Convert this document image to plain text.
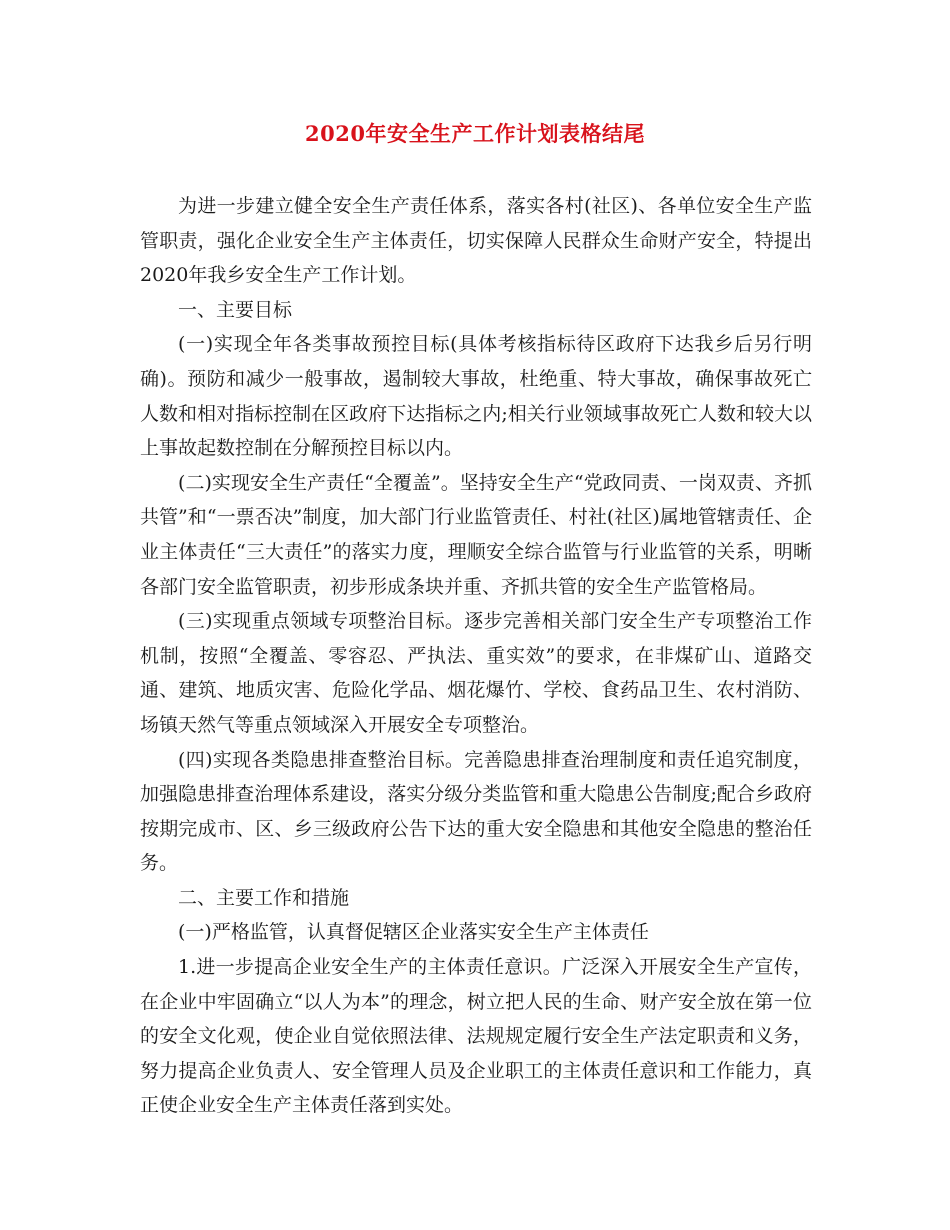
2020年安全生产工作计划表格结尾

为进一步建立健全安全生产责任体系，落实各村(社区)、各单位安全生产监管职责，强化企业安全生产主体责任，切实保障人民群众生命财产安全，特提出2020年我乡安全生产工作计划。

一、主要目标

(一)实现全年各类事故预控目标(具体考核指标待区政府下达我乡后另行明确)。预防和减少一般事故，遏制较大事故，杜绝重、特大事故，确保事故死亡人数和相对指标控制在区政府下达指标之内;相关行业领域事故死亡人数和较大以上事故起数控制在分解预控目标以内。

(二)实现安全生产责任“全覆盖”。坚持安全生产“党政同责、一岗双责、齐抓共管”和“一票否决”制度，加大部门行业监管责任、村社(社区)属地管辖责任、企业主体责任“三大责任”的落实力度，理顺安全综合监管与行业监管的关系，明晰各部门安全监管职责，初步形成条块并重、齐抓共管的安全生产监管格局。

(三)实现重点领域专项整治目标。逐步完善相关部门安全生产专项整治工作机制，按照“全覆盖、零容忍、严执法、重实效”的要求，在非煤矿山、道路交通、建筑、地质灾害、危险化学品、烟花爆竹、学校、食药品卫生、农村消防、场镇天然气等重点领域深入开展安全专项整治。

(四)实现各类隐患排查整治目标。完善隐患排查治理制度和责任追究制度，加强隐患排查治理体系建设，落实分级分类监管和重大隐患公告制度;配合乡政府按期完成市、区、乡三级政府公告下达的重大安全隐患和其他安全隐患的整治任务。

二、主要工作和措施

(一)严格监管，认真督促辖区企业落实安全生产主体责任

1.进一步提高企业安全生产的主体责任意识。广泛深入开展安全生产宣传，在企业中牢固确立“以人为本”的理念，树立把人民的生命、财产安全放在第一位的安全文化观，使企业自觉依照法律、法规规定履行安全生产法定职责和义务，努力提高企业负责人、安全管理人员及企业职工的主体责任意识和工作能力，真正使企业安全生产主体责任落到实处。
